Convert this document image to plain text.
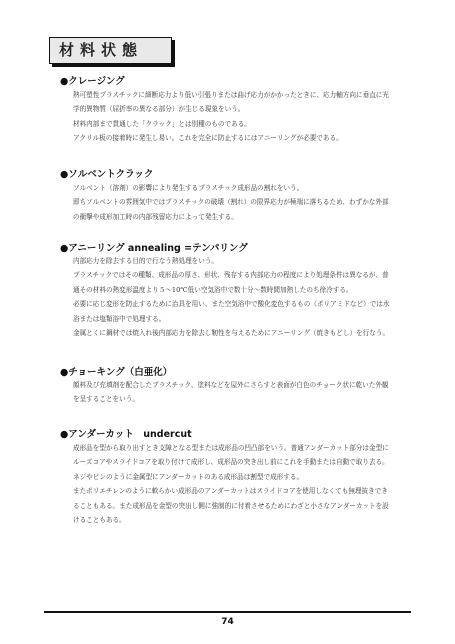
材料状態
●クレージング
熱可塑性プラスチックに細断応力より低い引張りまたは曲げ応力がかかったときに、応力軸方向に垂直に光
学的異物質（屈折率の異なる部分）が生じる現象をいう。
材料内部まで貫通した「クラック」とは別種のものである。
アクリル板の接着時に発生し易い。これを完全に防止するにはアニーリングが必要である。
●ソルベントクラック
ソルベント（溶剤）の影響により発生するプラスチック成形品の割れをいう。
即ちソルベントの雰囲気中ではプラスチックの破壊（割れ）の限界応力が極端に落ちるため、わずかな外部
の衝撃や成形加工時の内部残留応力によって発生する。
●アニーリング annealing =テンパリング
内部応力を除去する目的で行なう熱処理をいう。
プラスチックではその種類、成形品の厚さ、形状、残存する内部応力の程度により処理条件は異なるが、普
通その材料の熱変形温度より５～10℃低い空気浴中で数十分～数時間加熱したのち徐冷する。
必要に応じ変形を防止するために治具を用い、また空気浴中で酸化変色するもの（ポリアミドなど）では水
浴または塩類浴中で処理する。
金属とくに鋼材では焼入れ後内部応力を除去し靭性を与えるためにアニーリング（焼きもどし）を行なう。
●チョーキング（白亜化）
顔料及び充填剤を配合したプラスチック、塗料などを屋外にさらすと表面が白色のチョーク状に乾いた外観
を呈することをいう。
●アンダーカット　undercut
成形品を型から取り出すとき支障となる型または成形品の凹凸部をいう。普通アンダーカット部分は金型に
ルーズコアやスライドコアを取り付けて成形し、成形品の突き出し前にこれを手動または自動で取り去る。
ネジやピンのように金属型にアンダーカットのある成形品は割型で成形する。
またポリエチレンのように軟らかい成形品のアンダーカットはスライドコアを使用しなくても無理抜きでき
ることもある。また成形品を金型の突出し側に強制的に付着させるためにわざと小さなアンダーカットを設
けることもある。
74
